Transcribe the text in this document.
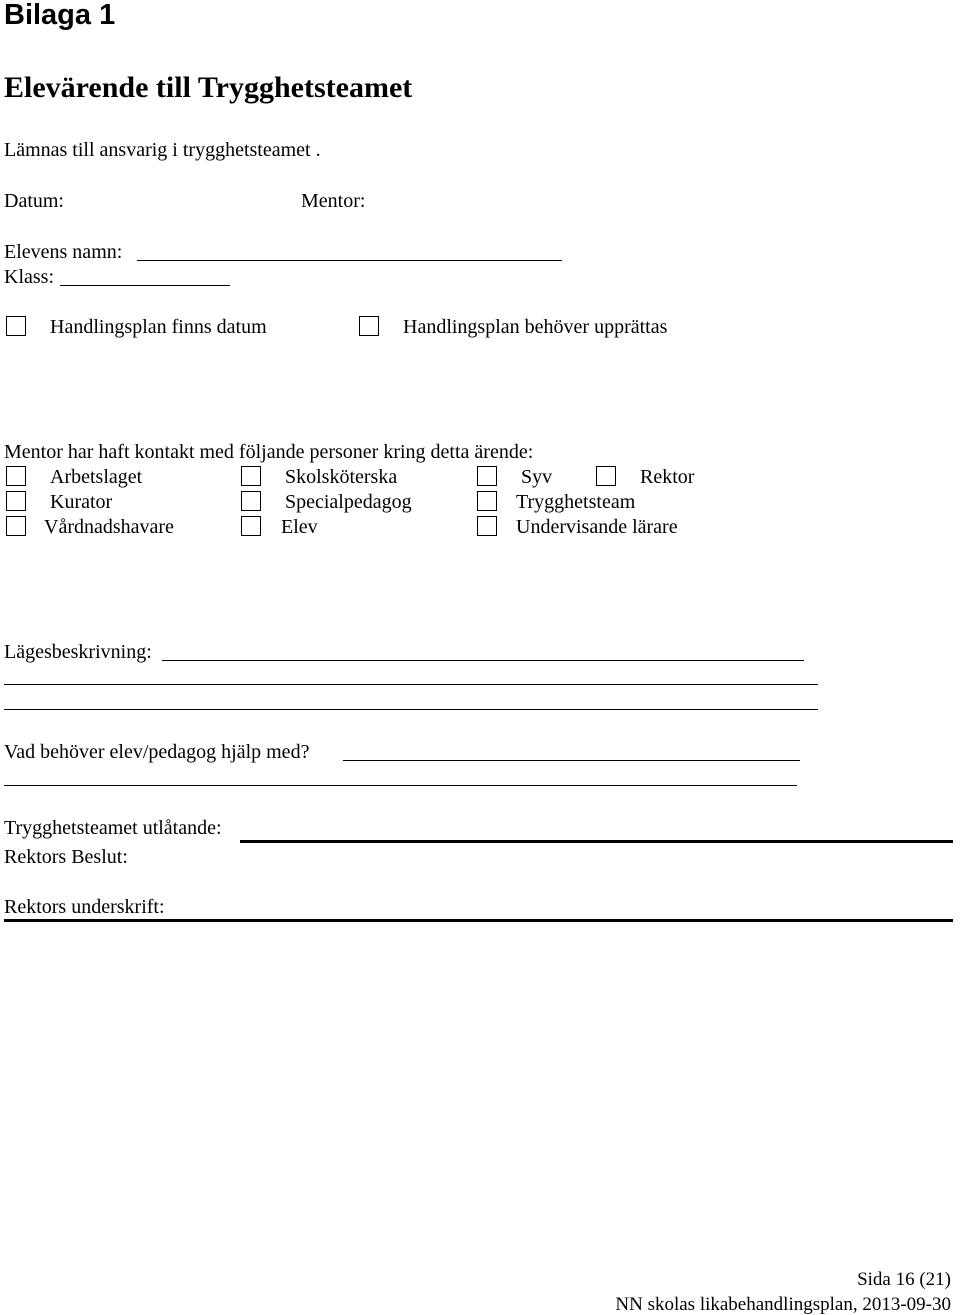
Bilaga 1
Elevärende till Trygghetsteamet
Lämnas till ansvarig i trygghetsteamet .
Datum:	Mentor:
Elevens namn:
Klass:
Handlingsplan finns datum	Handlingsplan behöver upprättas
Mentor har haft kontakt med följande personer kring detta ärende:
Arbetslaget	Skolsköterska	Syv	Rektor
Kurator	Specialpedagog	Trygghetsteam
Vårdnadshavare	Elev	Undervisande lärare
Lägesbeskrivning:
Vad behöver elev/pedagog hjälp med?
Trygghetsteamet utlåtande:
Rektors Beslut:
Rektors underskrift:
Sida 16 (21)
NN skolas likabehandlingsplan, 2013-09-30
